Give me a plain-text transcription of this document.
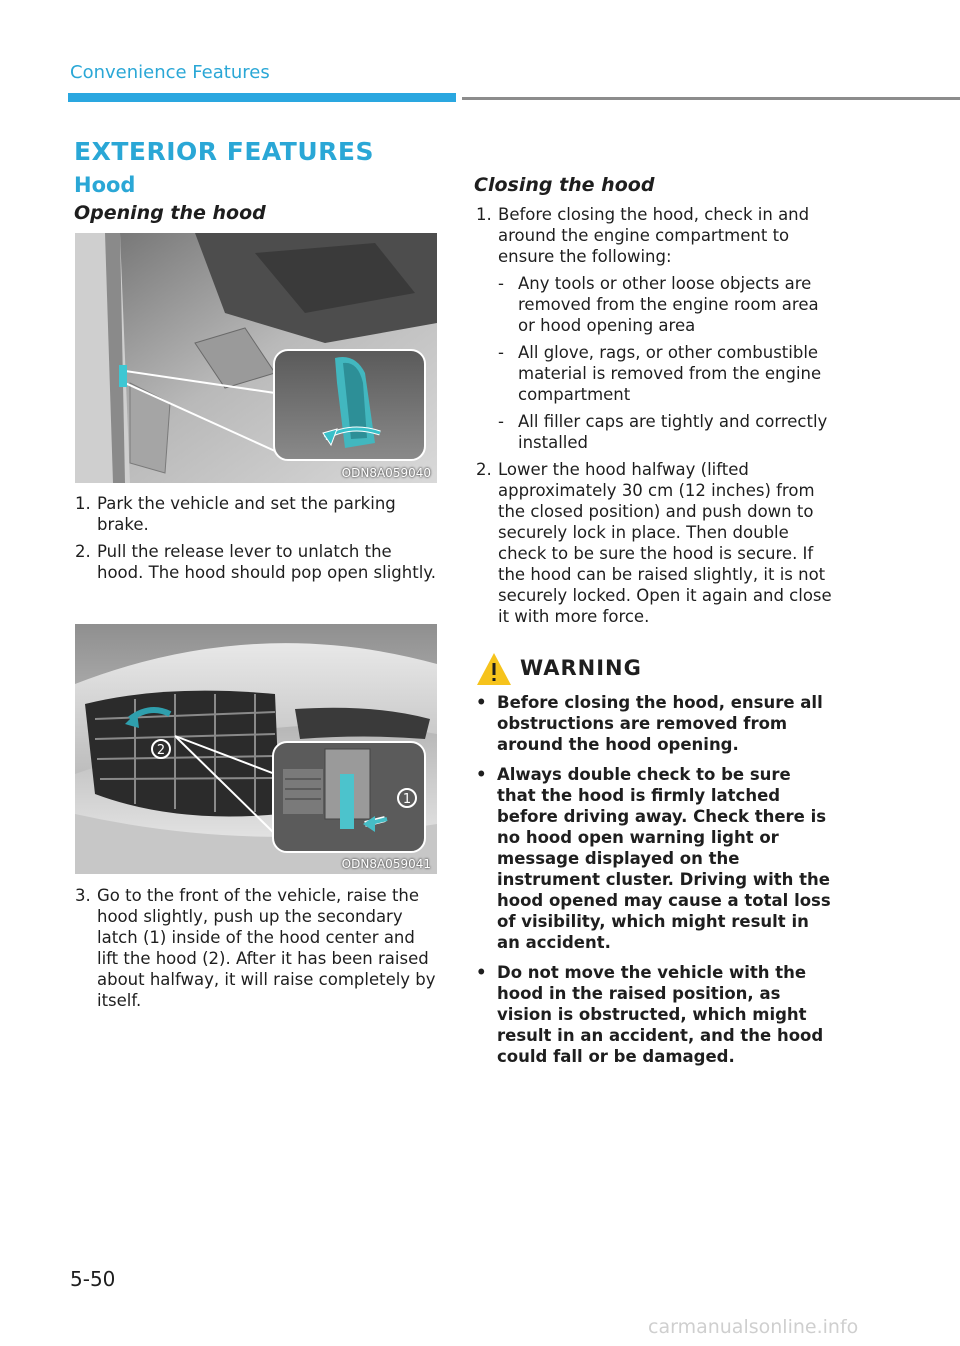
Convenience Features
EXTERIOR FEATURES
Hood
Opening the hood
ODN8A059040
1. Park the vehicle and set the parking brake.
2. Pull the release lever to unlatch the hood. The hood should pop open slightly.
2
1
ODN8A059041
3. Go to the front of the vehicle, raise the hood slightly, push up the secondary latch (1) inside of the hood center and lift the hood (2). After it has been raised about halfway, it will raise completely by itself.
Closing the hood
1. Before closing the hood, check in and around the engine compartment to ensure the following:
- Any tools or other loose objects are removed from the engine room area or hood opening area
- All glove, rags, or other combustible material is removed from the engine compartment
- All filler caps are tightly and correctly installed
2. Lower the hood halfway (lifted approximately 30 cm (12 inches) from the closed position) and push down to securely lock in place. Then double check to be sure the hood is secure. If the hood can be raised slightly, it is not securely locked. Open it again and close it with more force.
WARNING
• Before closing the hood, ensure all obstructions are removed from around the hood opening.
• Always double check to be sure that the hood is firmly latched before driving away. Check there is no hood open warning light or message displayed on the instrument cluster. Driving with the hood opened may cause a total loss of visibility, which might result in an accident.
• Do not move the vehicle with the hood in the raised position, as vision is obstructed, which might result in an accident, and the hood could fall or be damaged.
5-50
carmanualsonline.info
